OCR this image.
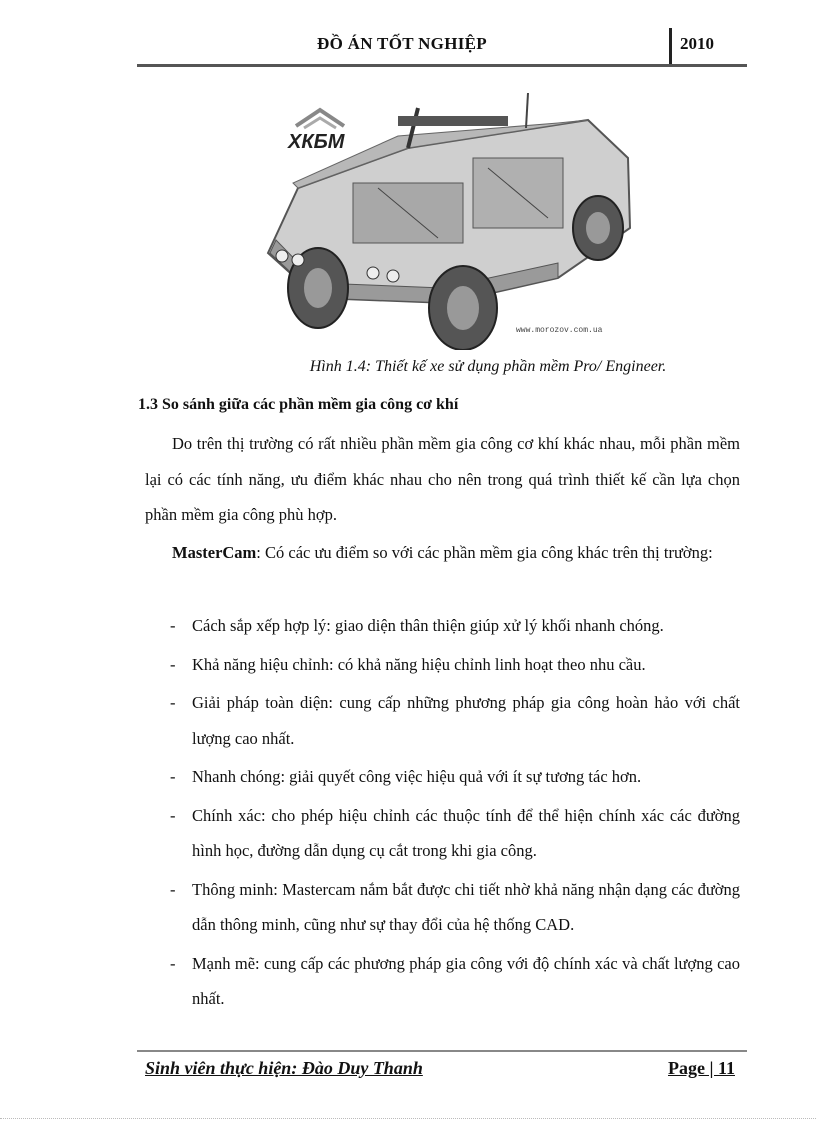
ĐỒ ÁN TỐT NGHIỆP	2010
ХКБМ
www.morozov.com.ua
Hình 1.4: Thiết kế xe sử dụng phần mềm Pro/ Engineer.
1.3 So sánh giữa các phần mềm gia công cơ khí

Do trên thị trường có rất nhiều phần mềm gia công cơ khí khác nhau, mỗi phần mềm lại có các tính năng, ưu điểm khác nhau cho nên trong quá trình thiết kế cần lựa chọn phần mềm gia công phù hợp.

MasterCam: Có các ưu điểm so với các phần mềm gia công khác trên thị trường:

- Cách sắp xếp hợp lý: giao diện thân thiện giúp xử lý khối nhanh chóng.
- Khả năng hiệu chỉnh: có khả năng hiệu chỉnh linh hoạt theo nhu cầu.
- Giải pháp toàn diện: cung cấp những phương pháp gia công hoàn hảo với chất lượng cao nhất.
- Nhanh chóng: giải quyết công việc hiệu quả với ít sự tương tác hơn.
- Chính xác: cho phép hiệu chỉnh các thuộc tính để thể hiện chính xác các đường hình học, đường dẫn dụng cụ cắt trong khi gia công.
- Thông minh: Mastercam nắm bắt được chi tiết nhờ khả năng nhận dạng các đường dẫn thông minh, cũng như sự thay đổi của hệ thống CAD.
- Mạnh mẽ: cung cấp các phương pháp gia công với độ chính xác và chất lượng cao nhất.
Sinh viên thực hiện: Đào Duy Thanh	Page | 11
